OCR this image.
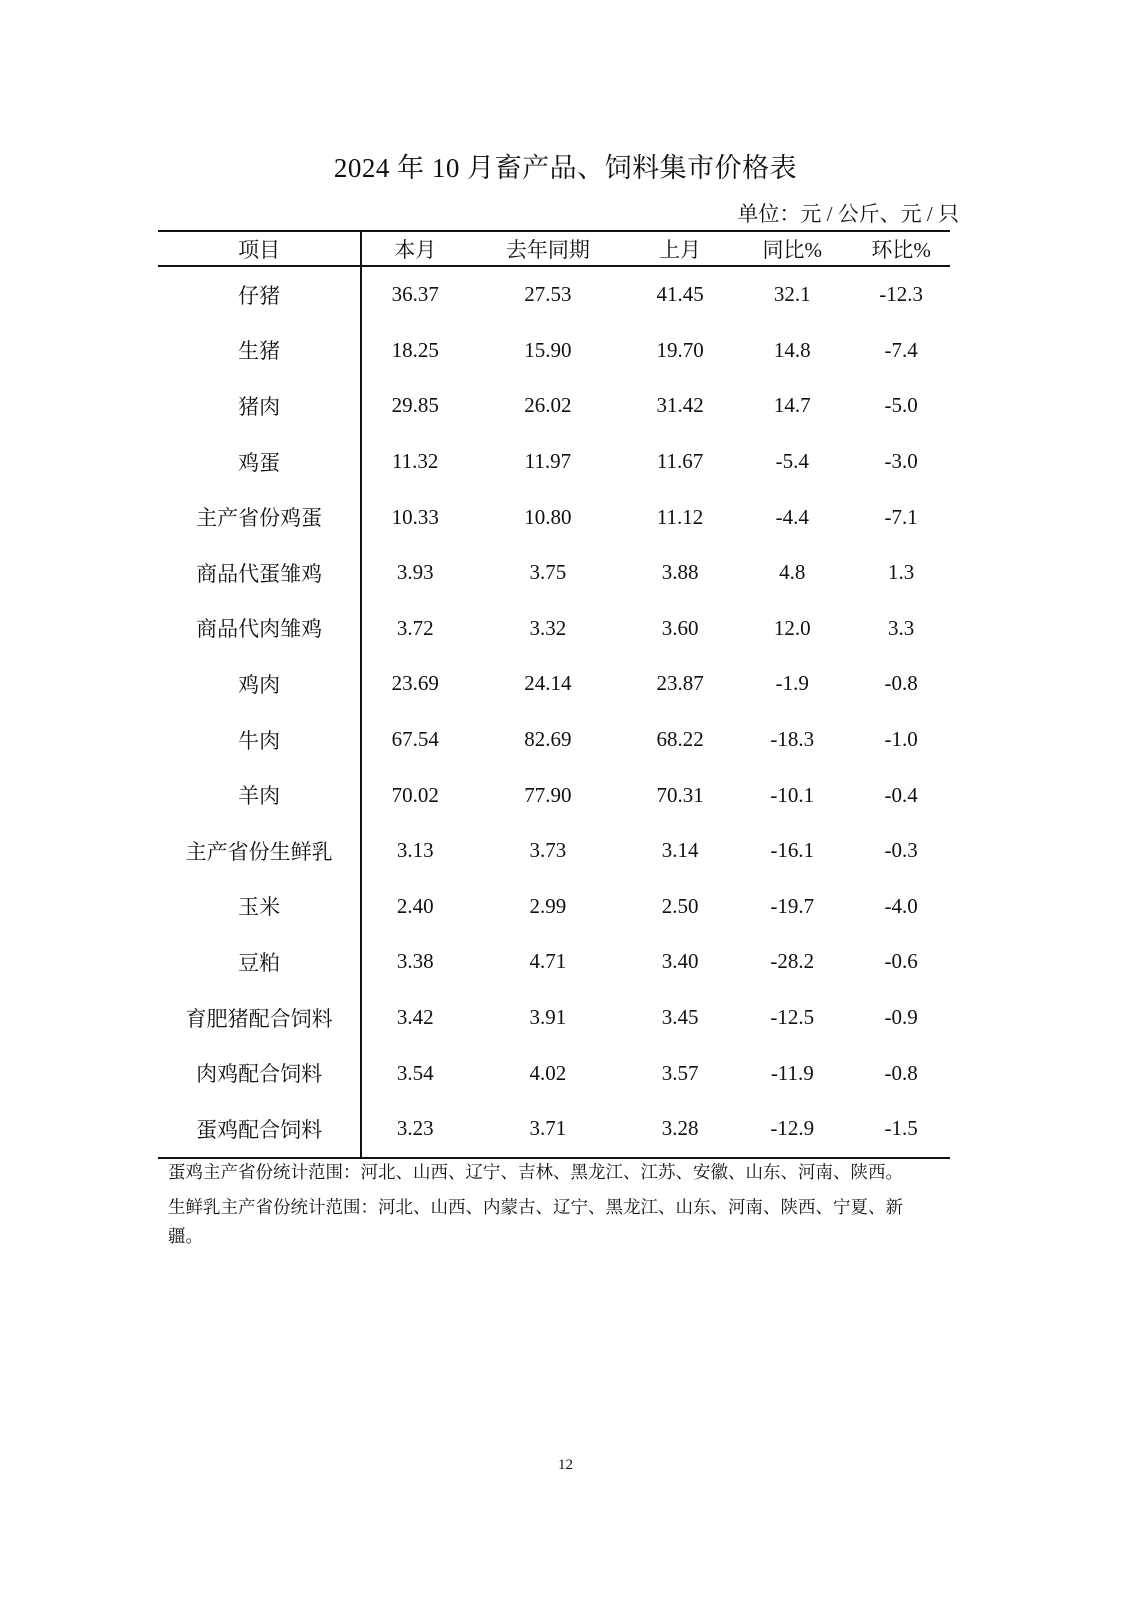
2024 年 10 月畜产品、饲料集市价格表
单位：元 / 公斤、元 / 只
项目	本月	去年同期	上月	同比%	环比%
仔猪	36.37	27.53	41.45	32.1	-12.3
生猪	18.25	15.90	19.70	14.8	-7.4
猪肉	29.85	26.02	31.42	14.7	-5.0
鸡蛋	11.32	11.97	11.67	-5.4	-3.0
主产省份鸡蛋	10.33	10.80	11.12	-4.4	-7.1
商品代蛋雏鸡	3.93	3.75	3.88	4.8	1.3
商品代肉雏鸡	3.72	3.32	3.60	12.0	3.3
鸡肉	23.69	24.14	23.87	-1.9	-0.8
牛肉	67.54	82.69	68.22	-18.3	-1.0
羊肉	70.02	77.90	70.31	-10.1	-0.4
主产省份生鲜乳	3.13	3.73	3.14	-16.1	-0.3
玉米	2.40	2.99	2.50	-19.7	-4.0
豆粕	3.38	4.71	3.40	-28.2	-0.6
育肥猪配合饲料	3.42	3.91	3.45	-12.5	-0.9
肉鸡配合饲料	3.54	4.02	3.57	-11.9	-0.8
蛋鸡配合饲料	3.23	3.71	3.28	-12.9	-1.5

蛋鸡主产省份统计范围：河北、山西、辽宁、吉林、黑龙江、江苏、安徽、山东、河南、陕西。

生鲜乳主产省份统计范围：河北、山西、内蒙古、辽宁、黑龙江、山东、河南、陕西、宁夏、新疆。

12
